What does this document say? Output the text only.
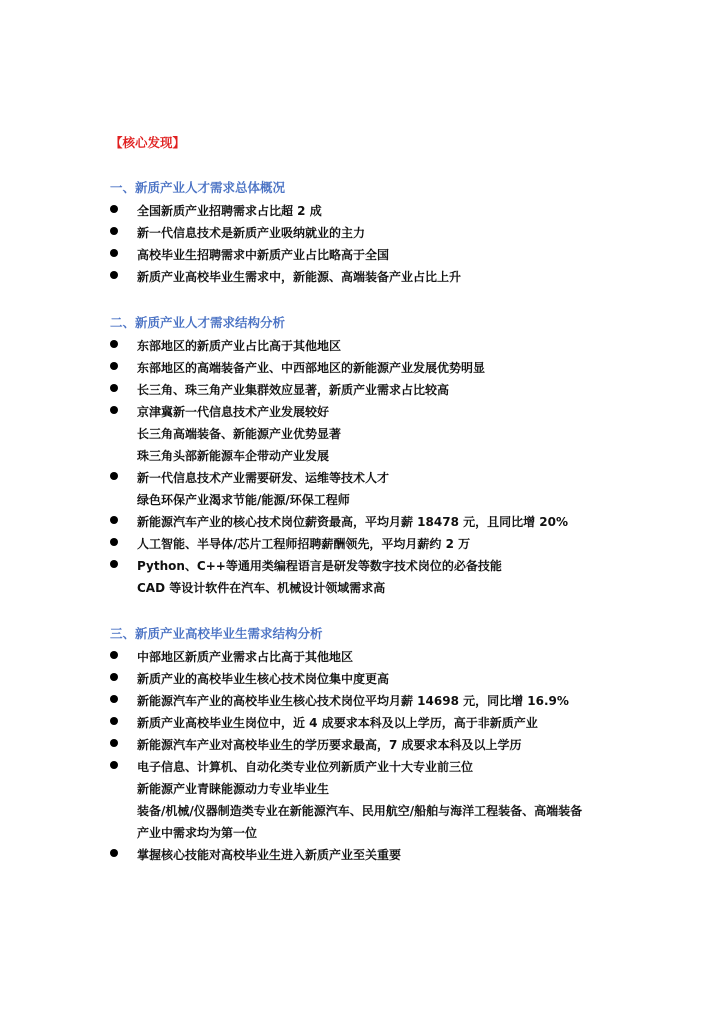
【核心发现】
一、新质产业人才需求总体概况
全国新质产业招聘需求占比超 2 成
新一代信息技术是新质产业吸纳就业的主力
高校毕业生招聘需求中新质产业占比略高于全国
新质产业高校毕业生需求中，新能源、高端装备产业占比上升
二、新质产业人才需求结构分析
东部地区的新质产业占比高于其他地区
东部地区的高端装备产业、中西部地区的新能源产业发展优势明显
长三角、珠三角产业集群效应显著，新质产业需求占比较高
京津冀新一代信息技术产业发展较好
长三角高端装备、新能源产业优势显著
珠三角头部新能源车企带动产业发展
新一代信息技术产业需要研发、运维等技术人才
绿色环保产业渴求节能/能源/环保工程师
新能源汽车产业的核心技术岗位薪资最高，平均月薪 18478 元，且同比增 20%
人工智能、半导体/芯片工程师招聘薪酬领先，平均月薪约 2 万
Python、C++等通用类编程语言是研发等数字技术岗位的必备技能
CAD 等设计软件在汽车、机械设计领域需求高
三、新质产业高校毕业生需求结构分析
中部地区新质产业需求占比高于其他地区
新质产业的高校毕业生核心技术岗位集中度更高
新能源汽车产业的高校毕业生核心技术岗位平均月薪 14698 元，同比增 16.9%
新质产业高校毕业生岗位中，近 4 成要求本科及以上学历，高于非新质产业
新能源汽车产业对高校毕业生的学历要求最高，7 成要求本科及以上学历
电子信息、计算机、自动化类专业位列新质产业十大专业前三位
新能源产业青睐能源动力专业毕业生
装备/机械/仪器制造类专业在新能源汽车、民用航空/船舶与海洋工程装备、高端装备
产业中需求均为第一位
掌握核心技能对高校毕业生进入新质产业至关重要
